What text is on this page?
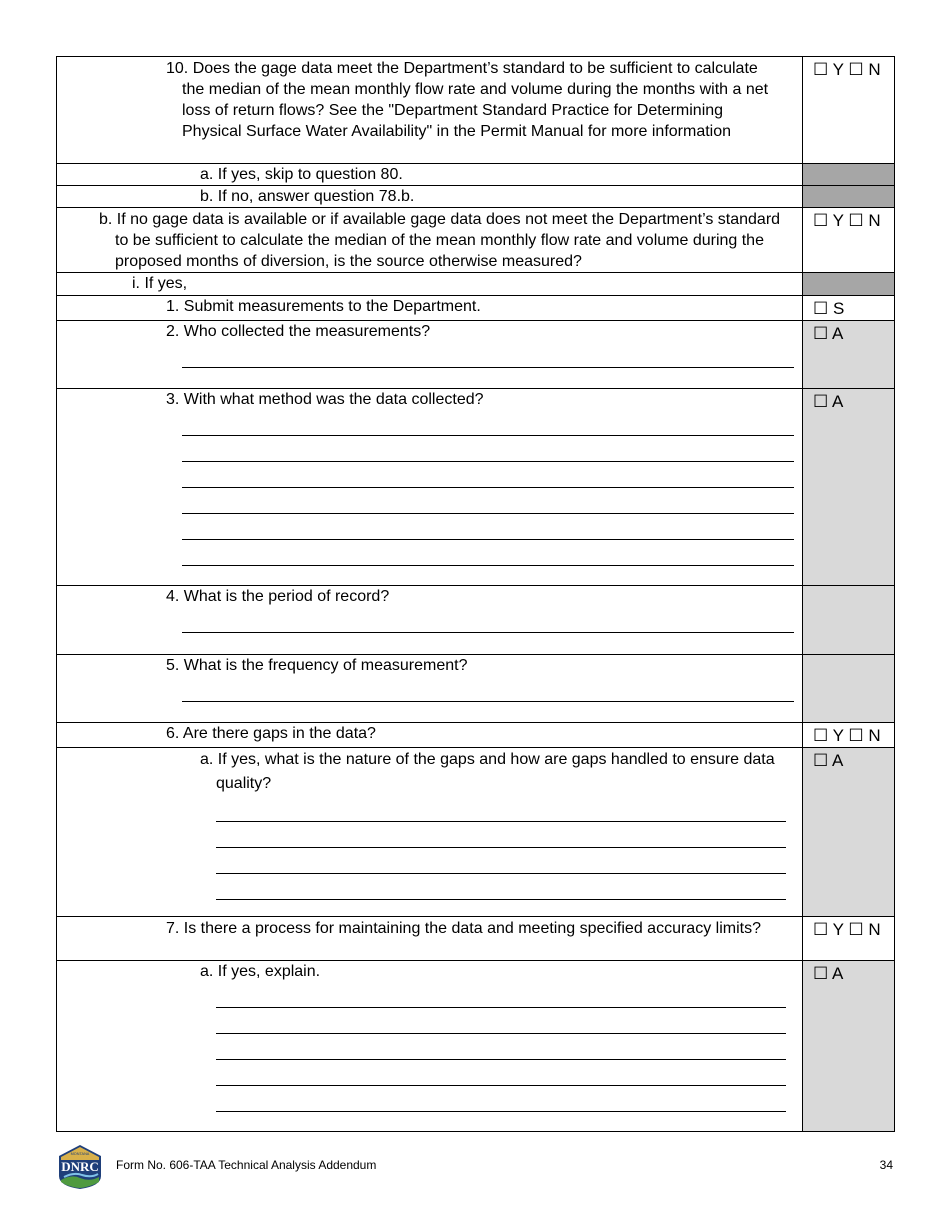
10. Does the gage data meet the Department’s standard to be sufficient to calculate the median of the mean monthly flow rate and volume during the months with a net loss of return flows? See the "Department Standard Practice for Determining Physical Surface Water Availability" in the Permit Manual for more information	☐ Y ☐ N

a. If yes, skip to question 80.	

b. If no, answer question 78.b.	

b. If no gage data is available or if available gage data does not meet the Department’s standard to be sufficient to calculate the median of the mean monthly flow rate and volume during the proposed months of diversion, is the source otherwise measured?	☐ Y ☐ N

i. If yes,	

1. Submit measurements to the Department.	☐ S

2. Who collected the measurements?	☐ A

3. With what method was the data collected?	☐ A

4. What is the period of record?	

5. What is the frequency of measurement?	

6. Are there gaps in the data?	☐ Y ☐ N

a. If yes, what is the nature of the gaps and how are gaps handled to ensure data quality?	☐ A

7. Is there a process for maintaining the data and meeting specified accuracy limits?	☐ Y ☐ N

a. If yes, explain.	☐ A
MONTANA
DNRC Form No. 606-TAA Technical Analysis Addendum	34
